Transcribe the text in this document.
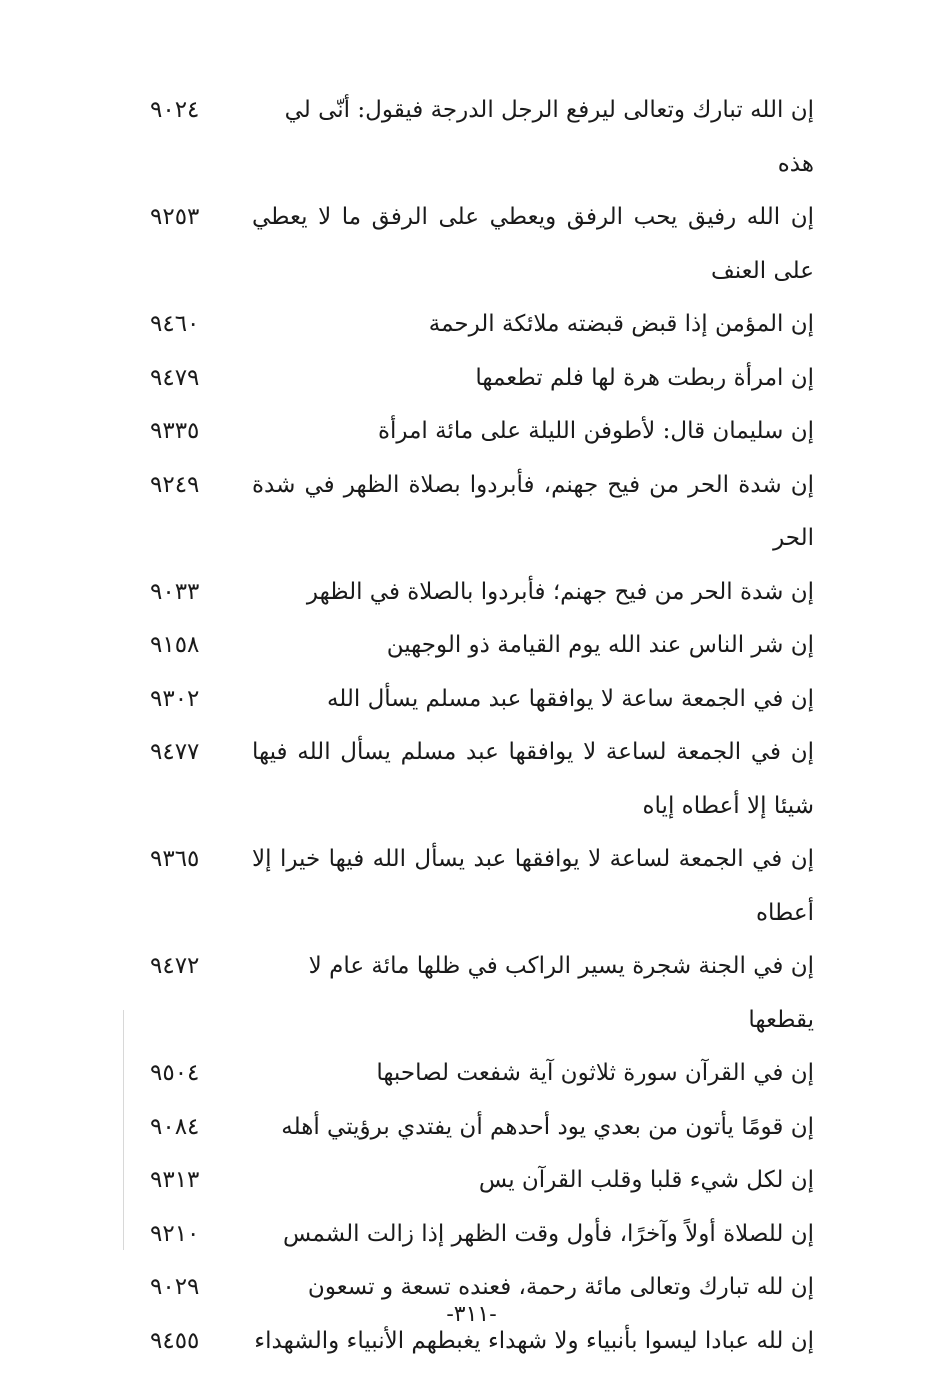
إن الله تبارك وتعالى ليرفع الرجل الدرجة فيقول: أنّى لي هذه
٩٠٢٤
إن الله رفيق يحب الرفق ويعطي على الرفق ما لا يعطي على العنف
٩٢٥٣
إن المؤمن إذا قبض قبضته ملائكة الرحمة
٩٤٦٠
إن امرأة ربطت هرة لها فلم تطعمها
٩٤٧٩
إن سليمان قال: لأطوفن الليلة على مائة امرأة
٩٣٣٥
إن شدة الحر من فيح جهنم، فأبردوا بصلاة الظهر في شدة الحر
٩٢٤٩
إن شدة الحر من فيح جهنم؛ فأبردوا بالصلاة في الظهر
٩٠٣٣
إن شر الناس عند الله يوم القيامة ذو الوجهين
٩١٥٨
إن في الجمعة ساعة لا يوافقها عبد مسلم يسأل الله
٩٣٠٢
إن في الجمعة لساعة لا يوافقها عبد مسلم يسأل الله فيها شيئا إلا أعطاه إياه
٩٤٧٧
إن في الجمعة لساعة لا يوافقها عبد يسأل الله فيها خيرا إلا أعطاه
٩٣٦٥
إن في الجنة شجرة يسير الراكب في ظلها مائة عام لا يقطعها
٩٤٧٢
إن في القرآن سورة ثلاثون آية شفعت لصاحبها
٩٥٠٤
إن قومًا يأتون من بعدي يود أحدهم أن يفتدي برؤيتي أهله
٩٠٨٤
إن لكل شيء قلبا وقلب القرآن يس
٩٣١٣
إن للصلاة أولاً وآخرًا، فأول وقت الظهر إذا زالت الشمس
٩٢١٠
إن لله تبارك وتعالى مائة رحمة، فعنده تسعة و تسعون
٩٠٢٩
إن لله عبادا ليسوا بأنبياء ولا شهداء يغبطهم الأنبياء والشهداء
٩٤٥٥
-٣١١-
